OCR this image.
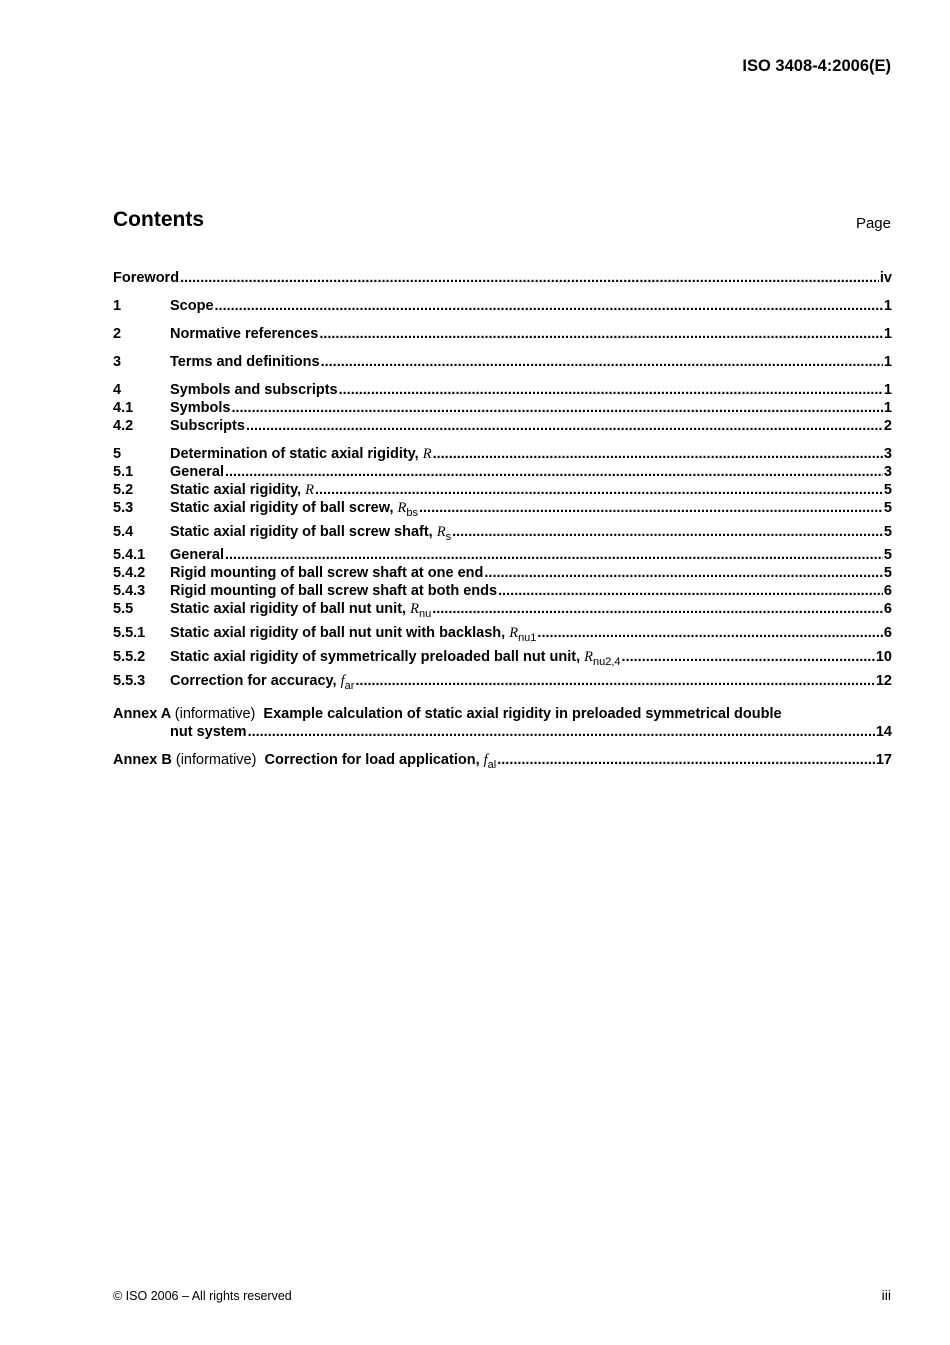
ISO 3408-4:2006(E)
Contents	Page
Foreword .....	iv
1	Scope .....	1
2	Normative references .....	1
3	Terms and definitions .....	1
4	Symbols and subscripts .....	1
4.1	Symbols .....	1
4.2	Subscripts .....	2
5	Determination of static axial rigidity, R .....	3
5.1	General .....	3
5.2	Static axial rigidity, R .....	5
5.3	Static axial rigidity of ball screw, $R_{bs}$ .....	5
5.4	Static axial rigidity of ball screw shaft, $R_s$ .....	5
5.4.1	General .....	5
5.4.2	Rigid mounting of ball screw shaft at one end .....	5
5.4.3	Rigid mounting of ball screw shaft at both ends .....	6
5.5	Static axial rigidity of ball nut unit, $R_{nu}$ .....	6
5.5.1	Static axial rigidity of ball nut unit with backlash, $R_{nu1}$ .....	6
5.5.2	Static axial rigidity of symmetrically preloaded ball nut unit, $R_{nu2,4}$ .....	10
5.5.3	Correction for accuracy, $f_{ar}$ .....	12
Annex A (informative) Example calculation of static axial rigidity in preloaded symmetrical double
nut system .....	14
Annex B (informative) Correction for load application, $f_{al}$ .....	17
© ISO 2006 – All rights reserved	iii
